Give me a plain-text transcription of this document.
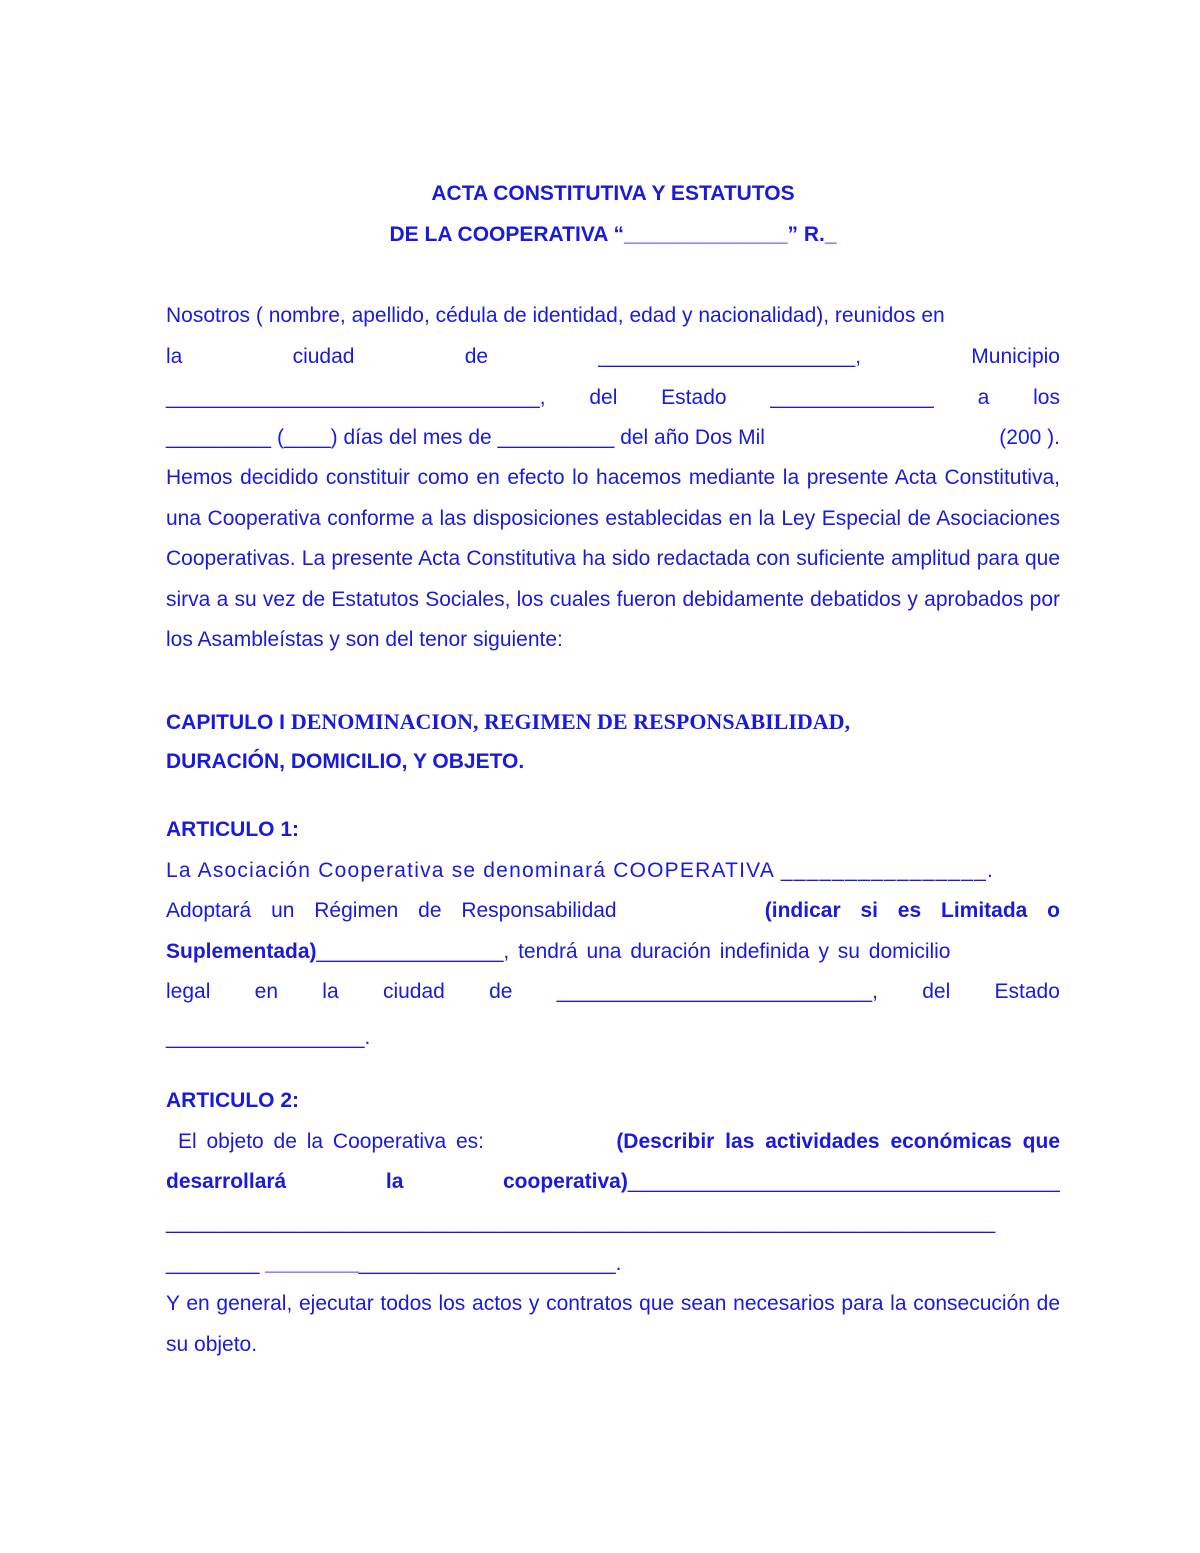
ACTA CONSTITUTIVA Y ESTATUTOS
DE LA COOPERATIVA “______________” R._
Nosotros ( nombre, apellido, cédula de identidad, edad y nacionalidad), reunidos en
la	ciudad	de	______________________,	Municipio
________________________________, del Estado ______________ a los
_________ (____) días del mes de __________ del año Dos Mil	(200 ).

Hemos decidido constituir como en efecto lo hacemos mediante la presente Acta Constitutiva, una Cooperativa conforme a las disposiciones establecidas en la Ley Especial de Asociaciones Cooperativas. La presente Acta Constitutiva ha sido redactada con suficiente amplitud para que sirva a su vez de Estatutos Sociales, los cuales fueron debidamente debatidos y aprobados por los Asambleístas y son del tenor siguiente:

CAPITULO I DENOMINACION, REGIMEN DE RESPONSABILIDAD,
DURACIÓN, DOMICILIO, Y OBJETO.
ARTICULO 1:
La Asociación Cooperativa se denominará COOPERATIVA ________________.
Adoptará un Régimen de Responsabilidad	(indicar si es Limitada o
Suplementada)________________, tendrá una duración indefinida y su domicilio
legal en la ciudad de ___________________________, del Estado
_________________.
ARTICULO 2:
El objeto de la Cooperativa es:	(Describir las actividades económicas que
desarrollará	la	cooperativa)_____________________________________
_______________________________________________________________________
________ ______________________________.

Y en general, ejecutar todos los actos y contratos que sean necesarios para la consecución de su objeto.
